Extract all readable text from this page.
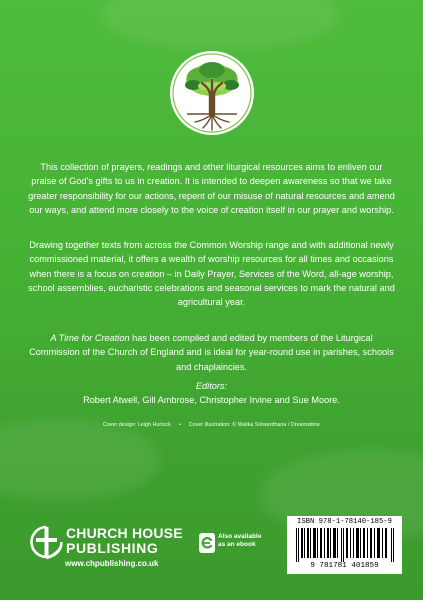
This collection of prayers, readings and other liturgical resources aims to enliven our praise of God’s gifts to us in creation. It is intended to deepen awareness so that we take greater responsibility for our actions, repent of our misuse of natural resources and amend our ways, and attend more closely to the voice of creation itself in our prayer and worship.

Drawing together texts from across the Common Worship range and with additional newly commissioned material, it offers a wealth of worship resources for all times and occasions when there is a focus on creation – in Daily Prayer, Services of the Word, all-age worship, school assemblies, eucharistic celebrations and seasonal services to mark the natural and agricultural year.

A Time for Creation has been compiled and edited by members of the Liturgical Commission of the Church of England and is ideal for year-round use in parishes, schools and chaplaincies.

Editors:
Robert Atwell, Gill Ambrose, Christopher Irvine and Sue Moore.
Cover design: Leigh Hurlock • Cover illustration: © Malika Siriwardhana / Dreamstime
CHURCH HOUSE
PUBLISHING
www.chpublishing.co.uk
Also available
as an ebook
ISBN 978-1-78140-185-9
9 781781 401859
